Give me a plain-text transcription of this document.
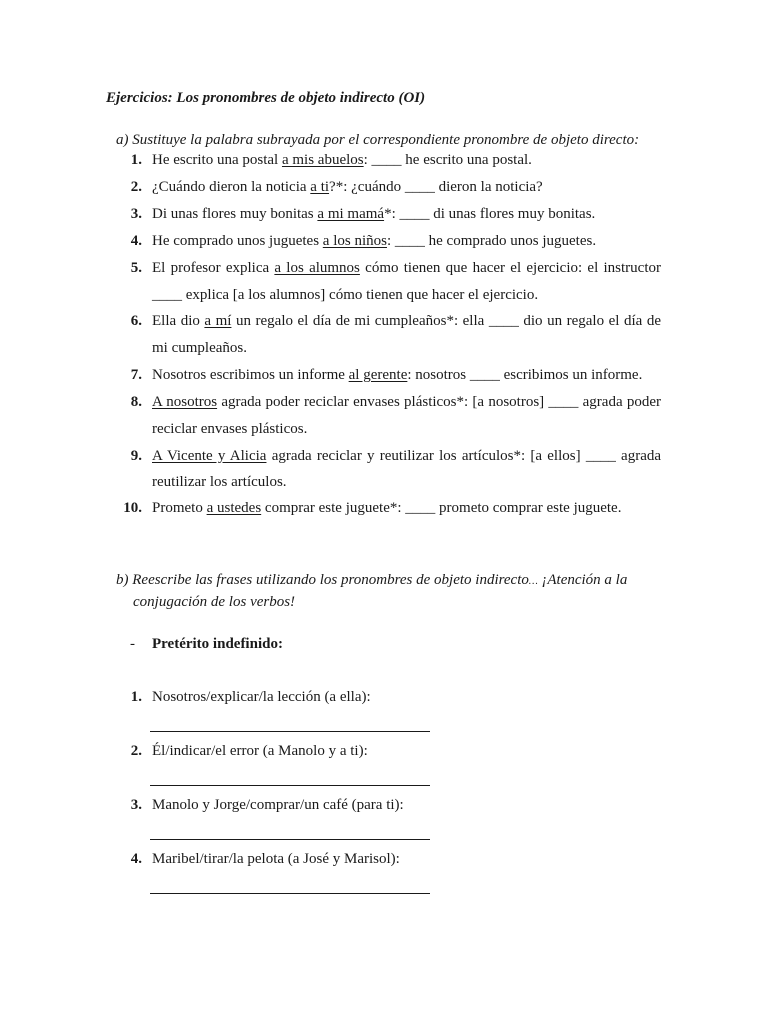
Ejercicios: Los pronombres de objeto indirecto (OI)
a) Sustituye la palabra subrayada por el correspondiente pronombre de objeto directo:
1. He escrito una postal a mis abuelos: ____ he escrito una postal.
2. ¿Cuándo dieron la noticia a ti?*: ¿cuándo ____ dieron la noticia?
3. Di unas flores muy bonitas a mi mamá*: ____ di unas flores muy bonitas.
4. He comprado unos juguetes a los niños: ____ he comprado unos juguetes.
5. El profesor explica a los alumnos cómo tienen que hacer el ejercicio: el instructor
____ explica [a los alumnos] cómo tienen que hacer el ejercicio.
6. Ella dio a mí un regalo el día de mi cumpleaños*: ella ____ dio un regalo el día de
mi cumpleaños.
7. Nosotros escribimos un informe al gerente: nosotros ____ escribimos un informe.
8. A nosotros agrada poder reciclar envases plásticos*: [a nosotros] ____ agrada poder
reciclar envases plásticos.
9. A Vicente y Alicia agrada reciclar y reutilizar los artículos*: [a ellos] ____ agrada
reutilizar los artículos.
10. Prometo a ustedes comprar este juguete*: ____ prometo comprar este juguete.
b) Reescribe las frases utilizando los pronombres de objeto indirecto… ¡Atención a la
conjugación de los verbos!
- Pretérito indefinido:
1. Nosotros/explicar/la lección (a ella):
2. Él/indicar/el error (a Manolo y a ti):
3. Manolo y Jorge/comprar/un café (para ti):
4. Maribel/tirar/la pelota (a José y Marisol):
